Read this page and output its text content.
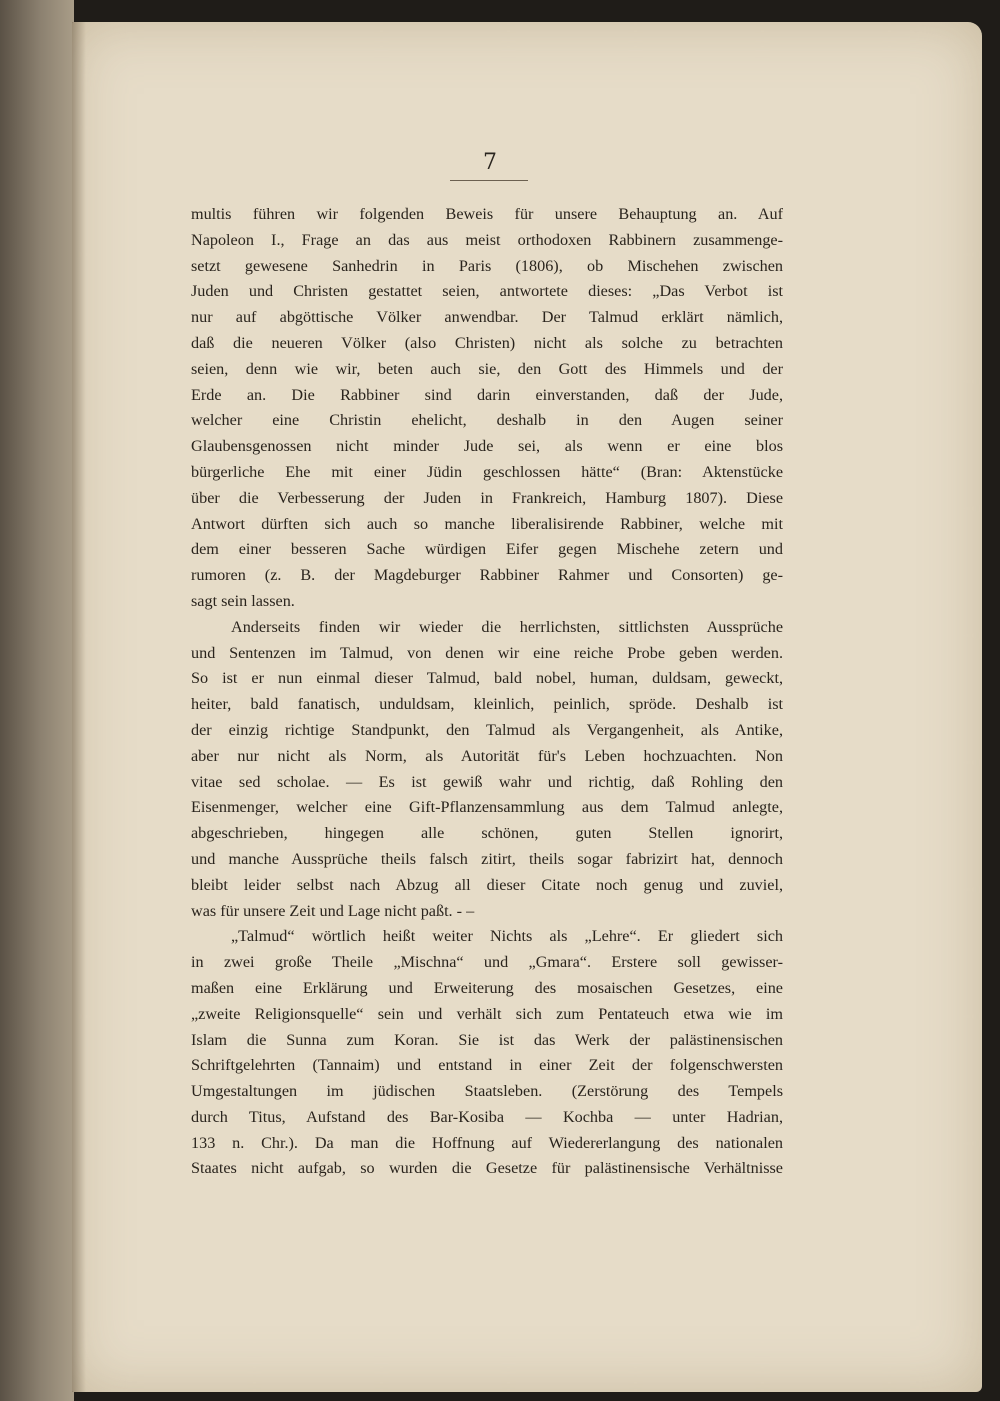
7
multis führen wir folgenden Beweis für unsere Behauptung an. Auf
Napoleon I., Frage an das aus meist orthodoxen Rabbinern zusammenge-
setzt gewesene Sanhedrin in Paris (1806), ob Mischehen zwischen
Juden und Christen gestattet seien, antwortete dieses: „Das Verbot ist
nur auf abgöttische Völker anwendbar. Der Talmud erklärt nämlich,
daß die neueren Völker (also Christen) nicht als solche zu betrachten
seien, denn wie wir, beten auch sie, den Gott des Himmels und der
Erde an. Die Rabbiner sind darin einverstanden, daß der Jude,
welcher eine Christin ehelicht, deshalb in den Augen seiner
Glaubensgenossen nicht minder Jude sei, als wenn er eine blos
bürgerliche Ehe mit einer Jüdin geschlossen hätte“ (Bran: Aktenstücke
über die Verbesserung der Juden in Frankreich, Hamburg 1807). Diese
Antwort dürften sich auch so manche liberalisirende Rabbiner, welche mit
dem einer besseren Sache würdigen Eifer gegen Mischehe zetern und
rumoren (z. B. der Magdeburger Rabbiner Rahmer und Consorten) ge-
sagt sein lassen.
Anderseits finden wir wieder die herrlichsten, sittlichsten Aussprüche
und Sentenzen im Talmud, von denen wir eine reiche Probe geben werden.
So ist er nun einmal dieser Talmud, bald nobel, human, duldsam, geweckt,
heiter, bald fanatisch, unduldsam, kleinlich, peinlich, spröde. Deshalb ist
der einzig richtige Standpunkt, den Talmud als Vergangenheit, als Antike,
aber nur nicht als Norm, als Autorität für's Leben hochzuachten. Non
vitae sed scholae. — Es ist gewiß wahr und richtig, daß Rohling den
Eisenmenger, welcher eine Gift-Pflanzensammlung aus dem Talmud anlegte,
abgeschrieben, hingegen alle schönen, guten Stellen ignorirt,
und manche Aussprüche theils falsch zitirt, theils sogar fabrizirt hat, dennoch
bleibt leider selbst nach Abzug all dieser Citate noch genug und zuviel,
was für unsere Zeit und Lage nicht paßt. - –
„Talmud“ wörtlich heißt weiter Nichts als „Lehre“. Er gliedert sich
in zwei große Theile „Mischna“ und „Gmara“. Erstere soll gewisser-
maßen eine Erklärung und Erweiterung des mosaischen Gesetzes, eine
„zweite Religionsquelle“ sein und verhält sich zum Pentateuch etwa wie im
Islam die Sunna zum Koran. Sie ist das Werk der palästinensischen
Schriftgelehrten (Tannaim) und entstand in einer Zeit der folgenschwersten
Umgestaltungen im jüdischen Staatsleben. (Zerstörung des Tempels
durch Titus, Aufstand des Bar-Kosiba — Kochba — unter Hadrian,
133 n. Chr.). Da man die Hoffnung auf Wiedererlangung des nationalen
Staates nicht aufgab, so wurden die Gesetze für palästinensische Verhältnisse
